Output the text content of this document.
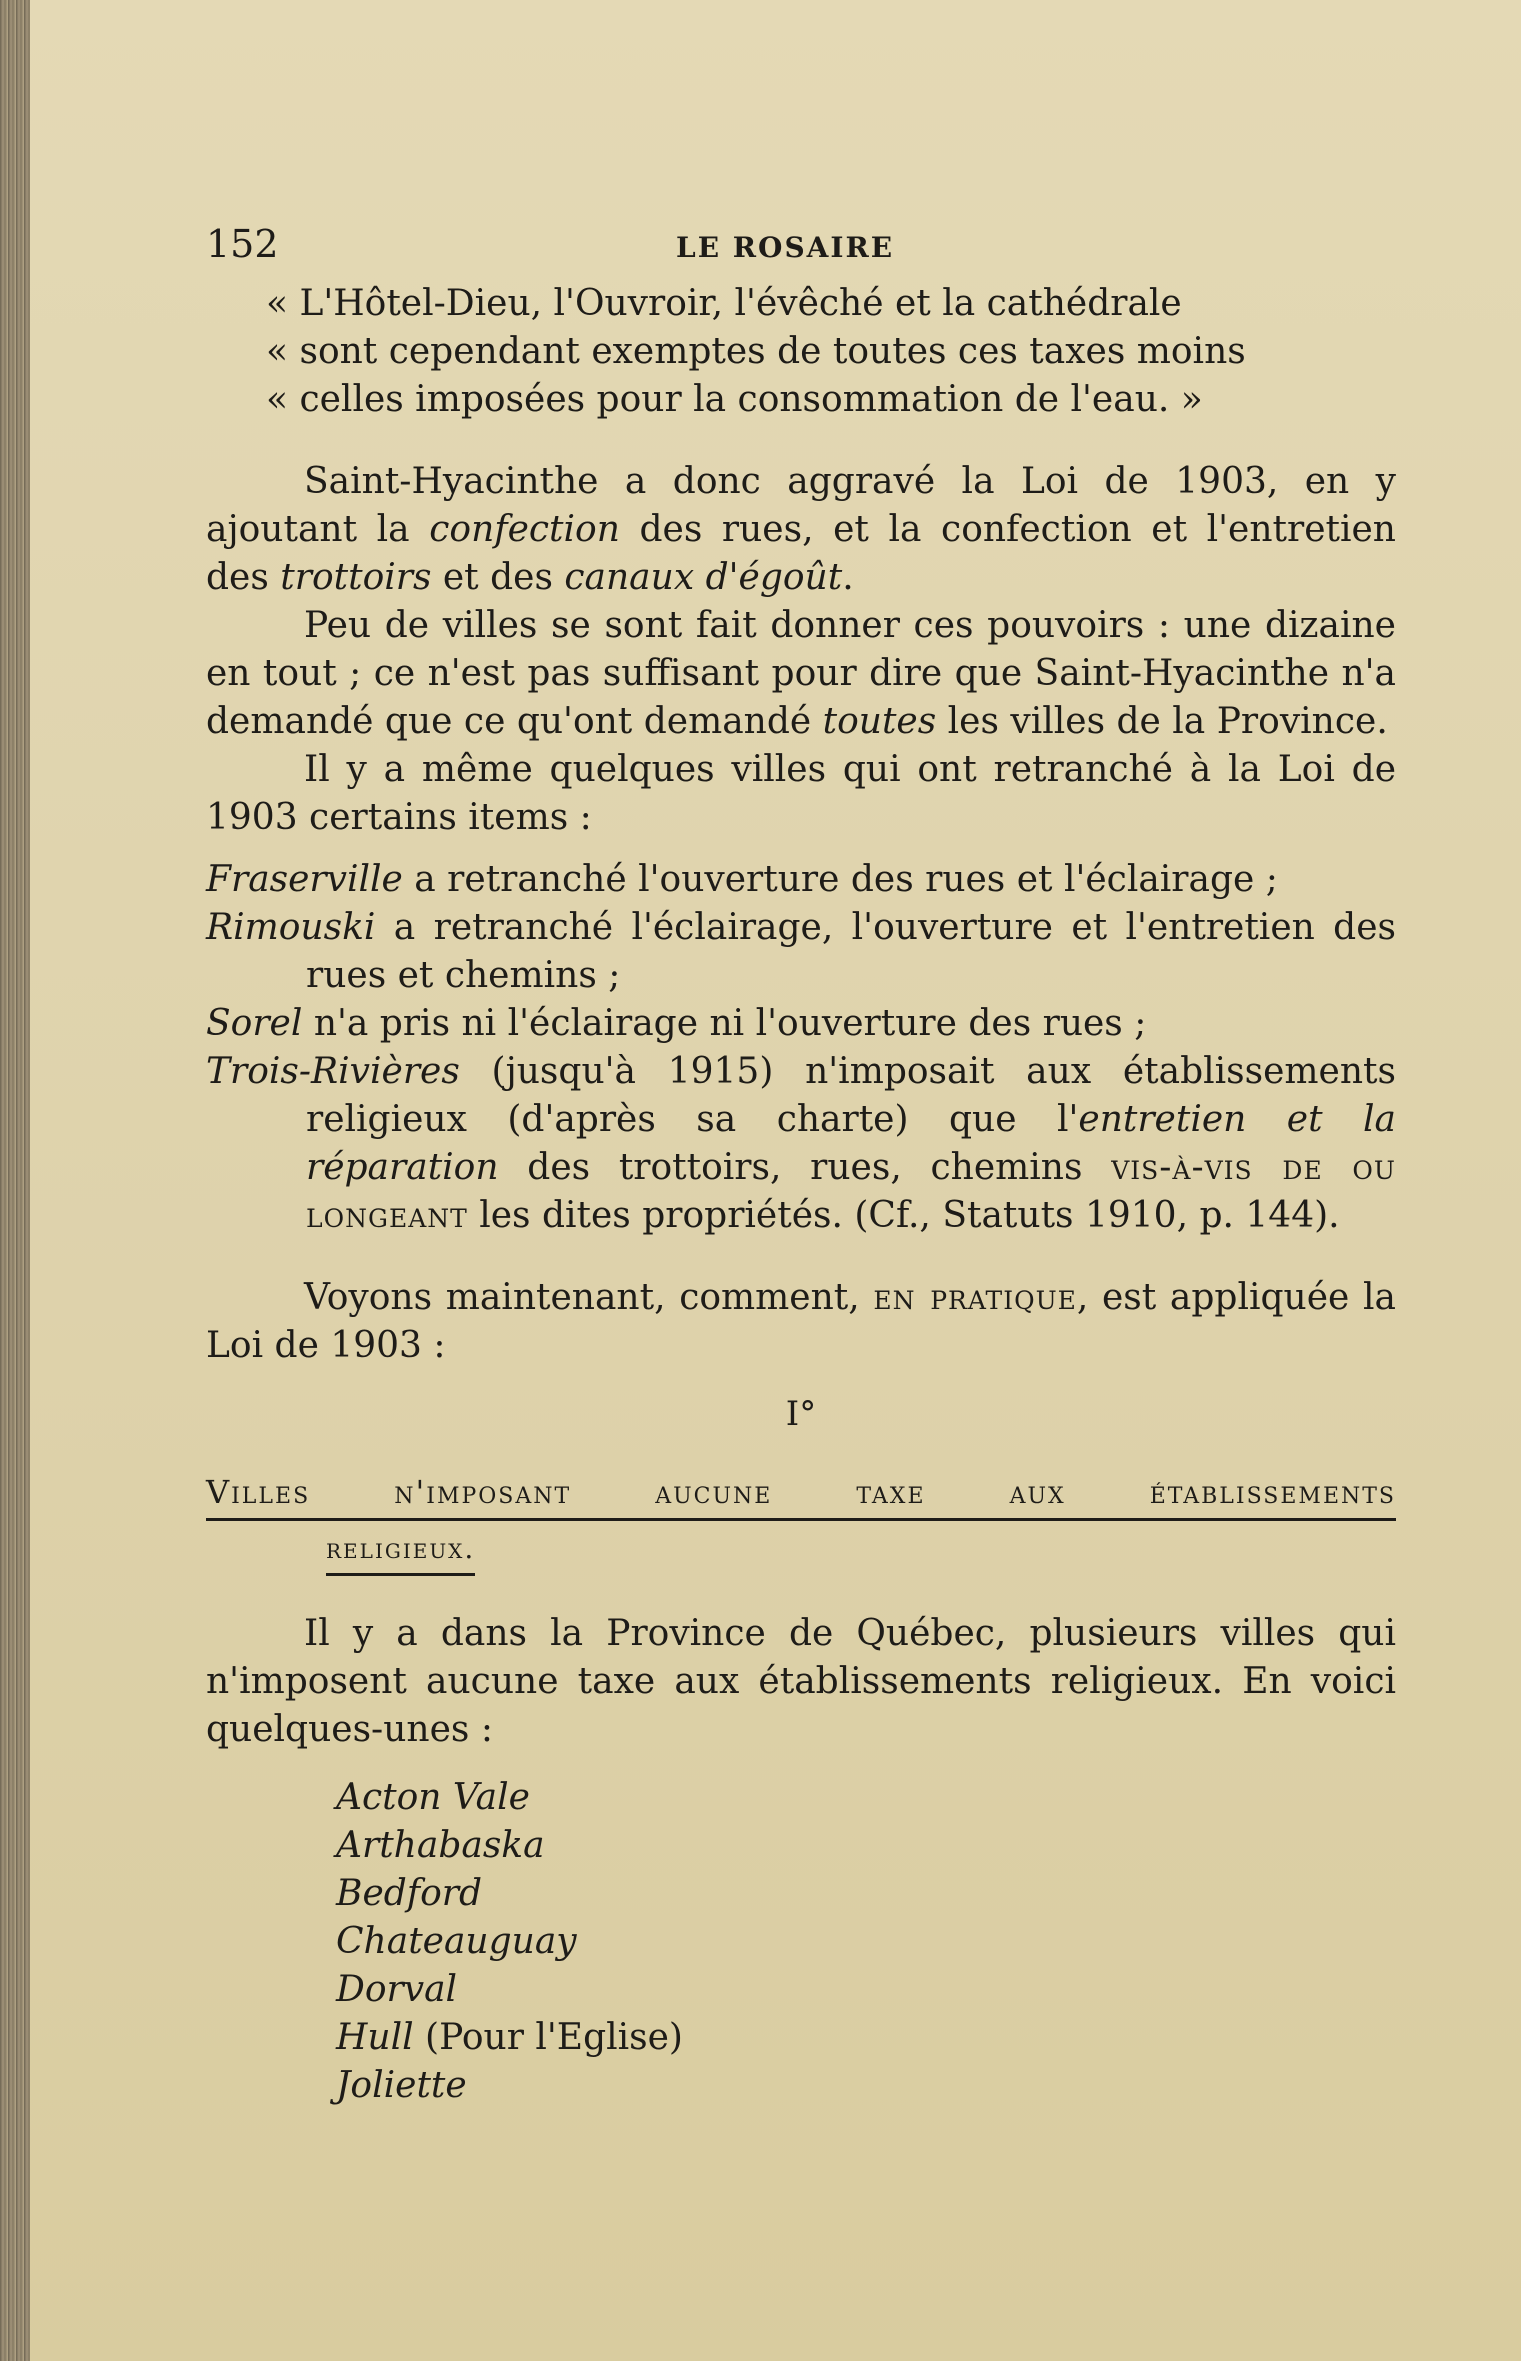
152	LE ROSAIRE

« L'Hôtel-Dieu, l'Ouvroir, l'évêché et la cathédrale

« sont cependant exemptes de toutes ces taxes moins

« celles imposées pour la consommation de l'eau. »

Saint-Hyacinthe a donc aggravé la Loi de 1903, en y ajoutant la confection des rues, et la confection et l'entretien des trottoirs et des canaux d'égoût.

Peu de villes se sont fait donner ces pouvoirs : une dizaine en tout ; ce n'est pas suffisant pour dire que Saint-Hyacinthe n'a demandé que ce qu'ont demandé toutes les villes de la Province.

Il y a même quelques villes qui ont retranché à la Loi de 1903 certains items :

Fraserville a retranché l'ouverture des rues et l'éclairage ;

Rimouski a retranché l'éclairage, l'ouverture et l'entretien des rues et chemins ;

Sorel n'a pris ni l'éclairage ni l'ouverture des rues ;

Trois-Rivières (jusqu'à 1915) n'imposait aux établissements religieux (d'après sa charte) que l'entretien et la réparation des trottoirs, rues, chemins vis-à-vis de ou longeant les dites propriétés. (Cf., Statuts 1910, p. 144).

Voyons maintenant, comment, en pratique, est appliquée la Loi de 1903 :

I°

Villes n'imposant aucune taxe aux établissements
religieux.

Il y a dans la Province de Québec, plusieurs villes qui n'imposent aucune taxe aux établissements religieux. En voici quelques-unes :

Acton Vale

Arthabaska

Bedford

Chateauguay

Dorval

Hull (Pour l'Eglise)

Joliette
